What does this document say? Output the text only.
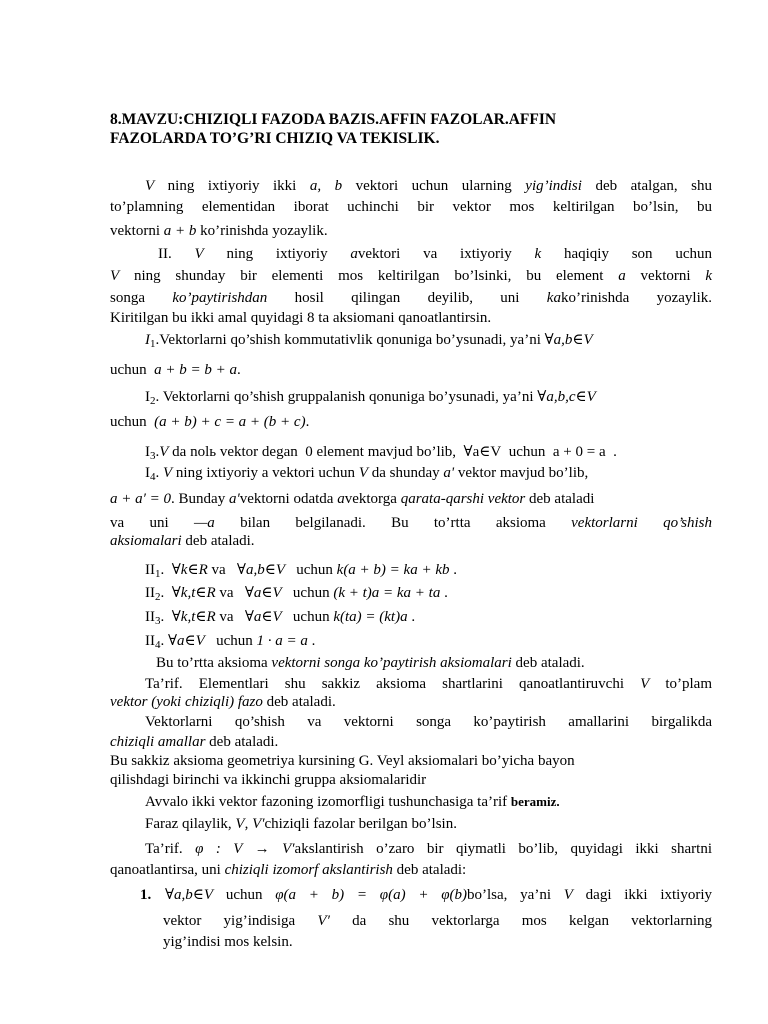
8.MAVZU:CHIZIQLI FAZODA BAZIS.AFFIN FAZOLAR.AFFIN
FAZOLARDA TO’G’RI CHIZIQ VA TEKISLIK.
V ning ixtiyoriy ikki a, b vektori uchun ularning yig’indisi deb atalgan, shu
to’plamning elementidan iborat uchinchi bir vektor mos keltirilgan bo’lsin, bu
vektorni a + b ko’rinishda yozaylik.
II. V ning ixtiyoriy avektori va ixtiyoriy k haqiqiy son uchun
V ning shunday bir elementi mos keltirilgan bo’lsinki, bu element a vektorni k
songa ko’paytirishdan hosil qilingan deyilib, uni kako’rinishda yozaylik.
Kiritilgan bu ikki amal quyidagi 8 ta aksiomani qanoatlantirsin.
$I_1.Vektorlarni$ qo’shish kommutativlik qonuniga bo’ysunadi, ya’ni ∀a,b∈V
uchun a + b = b + a.
$I_2$. Vektorlarni qo’shish gruppalanish qonuniga bo’ysunadi, ya’ni ∀a,b,c∈V
uchun (a + b) + c = a + (b + c).
$I_3.V$ da nolь vektor degan  0 element mavjud bo’lib,  ∀a∈V  uchun  a + 0 = a .
$I_4$. V ning ixtiyoriy a vektori uchun V da shunday a' vektor mavjud bo’lib,
a + a′ = 0. Bunday a′vektorni odatda avektorga qarata-qarshi vektor deb ataladi
va uni —a bilan belgilanadi. Bu to’rtta aksioma vektorlarni qo’shish
aksiomalari deb ataladi.
$II_1$.  ∀k∈R va   ∀a,b∈V   uchun k(a + b) = ka + kb .
$II_2$.  ∀k,t∈R va   ∀a∈V   uchun (k + t)a = ka + ta .
$II_3$.  ∀k,t∈R va   ∀a∈V   uchun k(ta) = (kt)a .
$II_4$. ∀a∈V   uchun 1 · a = a .
Bu to’rtta aksioma vektorni songa ko’paytirish aksiomalari deb ataladi.
Ta’rif. Elementlari shu sakkiz aksioma shartlarini qanoatlantiruvchi V to’plam
vektor (yoki chiziqli) fazo deb ataladi.
Vektorlarni qo’shish va vektorni songa ko’paytirish amallarini birgalikda
chiziqli amallar deb ataladi.
Bu sakkiz aksioma geometriya kursining G. Veyl aksiomalari bo’yicha bayon
qilishdagi birinchi va ikkinchi gruppa aksiomalaridir
Avvalo ikki vektor fazoning izomorfligi tushunchasiga ta’rif beramiz.
Faraz qilaylik, V, V′chiziqli fazolar berilgan bo’lsin.
Ta’rif. φ : V → V′akslantirish o’zaro bir qiymatli bo’lib, quyidagi ikki shartni
qanoatlantirsa, uni chiziqli izomorf akslantirish deb ataladi:
1. ∀a,b∈V uchun φ(a + b) = φ(a) + φ(b)bo’lsa, ya’ni V dagi ikki ixtiyoriy
vektor yig’indisiga V′ da shu vektorlarga mos kelgan vektorlarning
yig’indisi mos kelsin.
